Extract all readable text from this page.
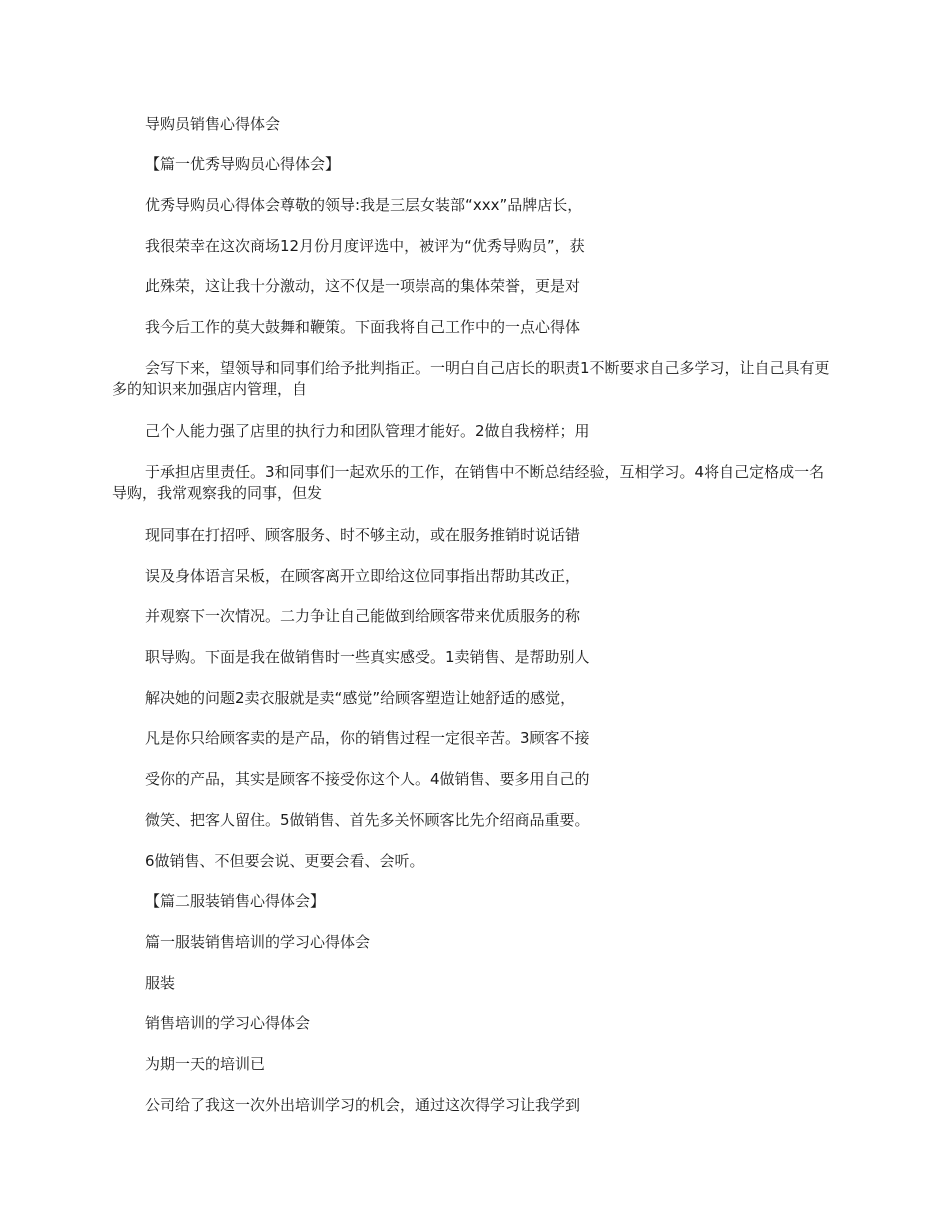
导购员销售心得体会

【篇一优秀导购员心得体会】

优秀导购员心得体会尊敬的领导:我是三层女装部“xxx”品牌店长，

我很荣幸在这次商场12月份月度评选中，被评为“优秀导购员”，获

此殊荣，这让我十分激动，这不仅是一项崇高的集体荣誉，更是对

我今后工作的莫大鼓舞和鞭策。下面我将自己工作中的一点心得体

会写下来，望领导和同事们给予批判指正。一明白自己店长的职责1不断要求自己多学习，让自己具有更多的知识来加强店内管理，自

己个人能力强了店里的执行力和团队管理才能好。2做自我榜样；用

于承担店里责任。3和同事们一起欢乐的工作，在销售中不断总结经验，互相学习。4将自己定格成一名导购，我常观察我的同事，但发

现同事在打招呼、顾客服务、时不够主动，或在服务推销时说话错

误及身体语言呆板，在顾客离开立即给这位同事指出帮助其改正，

并观察下一次情况。二力争让自己能做到给顾客带来优质服务的称

职导购。下面是我在做销售时一些真实感受。1卖销售、是帮助别人

解决她的问题2卖衣服就是卖“感觉”给顾客塑造让她舒适的感觉，

凡是你只给顾客卖的是产品，你的销售过程一定很辛苦。3顾客不接

受你的产品，其实是顾客不接受你这个人。4做销售、要多用自己的

微笑、把客人留住。5做销售、首先多关怀顾客比先介绍商品重要。

6做销售、不但要会说、更要会看、会听。

【篇二服装销售心得体会】

篇一服装销售培训的学习心得体会

服装

销售培训的学习心得体会

为期一天的培训已

公司给了我这一次外出培训学习的机会，通过这次得学习让我学到
